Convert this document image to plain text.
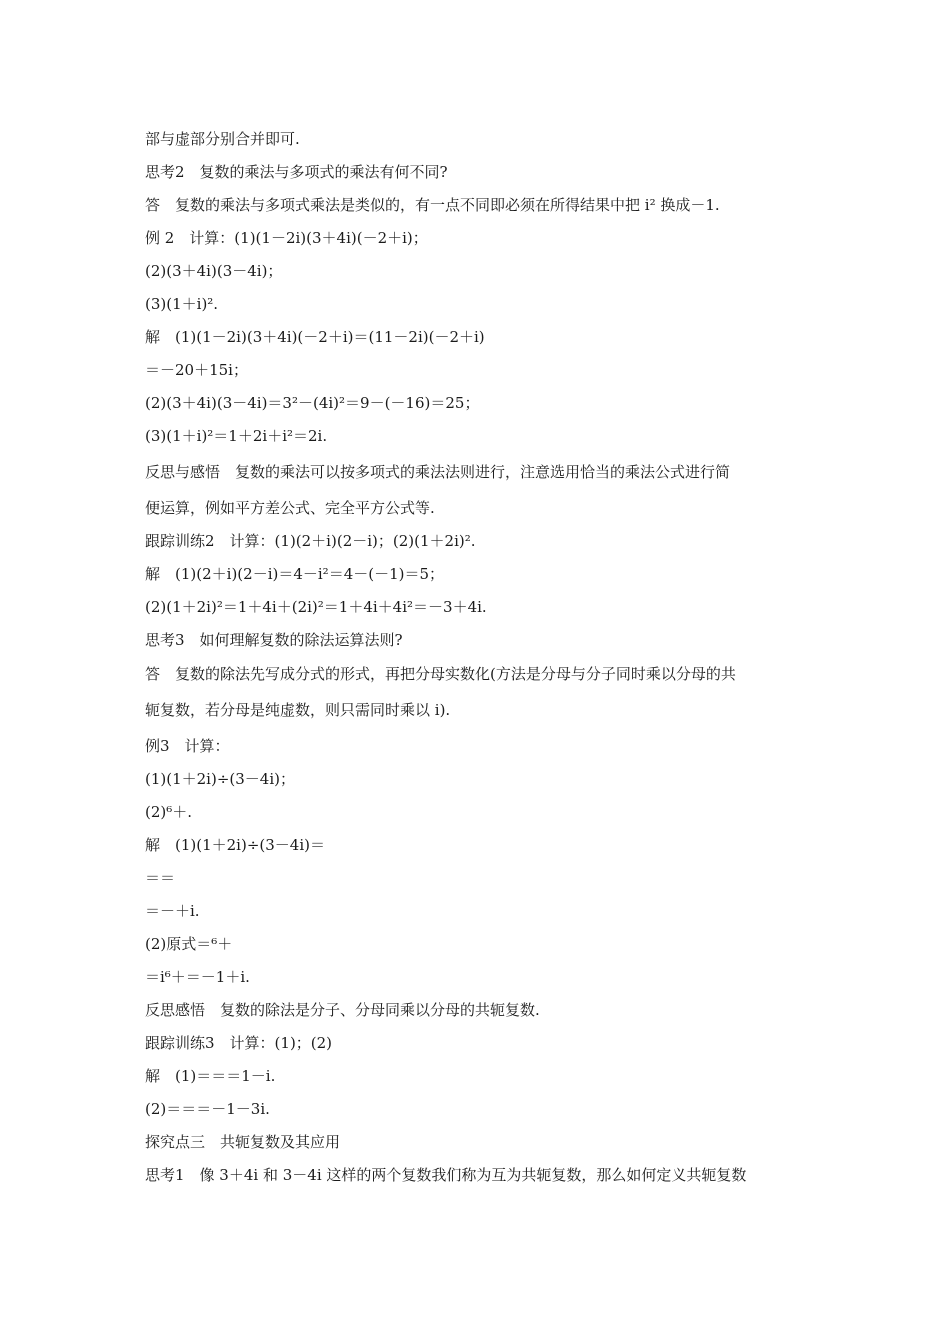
部与虚部分别合并即可.
思考2　复数的乘法与多项式的乘法有何不同?
答　复数的乘法与多项式乘法是类似的，有一点不同即必须在所得结果中把 i² 换成－1.
例 2　计算：(1)(1－2i)(3＋4i)(－2＋i)；
(2)(3＋4i)(3－4i)；
(3)(1＋i)².
解　(1)(1－2i)(3＋4i)(－2＋i)＝(11－2i)(－2＋i)
＝－20＋15i；
(2)(3＋4i)(3－4i)＝3²－(4i)²＝9－(－16)＝25；
(3)(1＋i)²＝1＋2i＋i²＝2i.
反思与感悟　复数的乘法可以按多项式的乘法法则进行，注意选用恰当的乘法公式进行简
便运算，例如平方差公式、完全平方公式等.
跟踪训练2　计算：(1)(2＋i)(2－i)；(2)(1＋2i)².
解　(1)(2＋i)(2－i)＝4－i²＝4－(－1)＝5；
(2)(1＋2i)²＝1＋4i＋(2i)²＝1＋4i＋4i²＝－3＋4i.
思考3　如何理解复数的除法运算法则?
答　复数的除法先写成分式的形式，再把分母实数化(方法是分母与分子同时乘以分母的共
轭复数，若分母是纯虚数，则只需同时乘以 i).
例3　计算：
(1)(1＋2i)÷(3－4i)；
(2)⁶＋.
解　(1)(1＋2i)÷(3－4i)＝
＝＝
＝－＋i.
(2)原式＝⁶＋
＝i⁶＋＝－1＋i.
反思感悟　复数的除法是分子、分母同乘以分母的共轭复数.
跟踪训练3　计算：(1)；(2)
解　(1)＝＝＝1－i.
(2)＝＝＝－1－3i.
探究点三　共轭复数及其应用
思考1　像 3＋4i 和 3－4i 这样的两个复数我们称为互为共轭复数，那么如何定义共轭复数
